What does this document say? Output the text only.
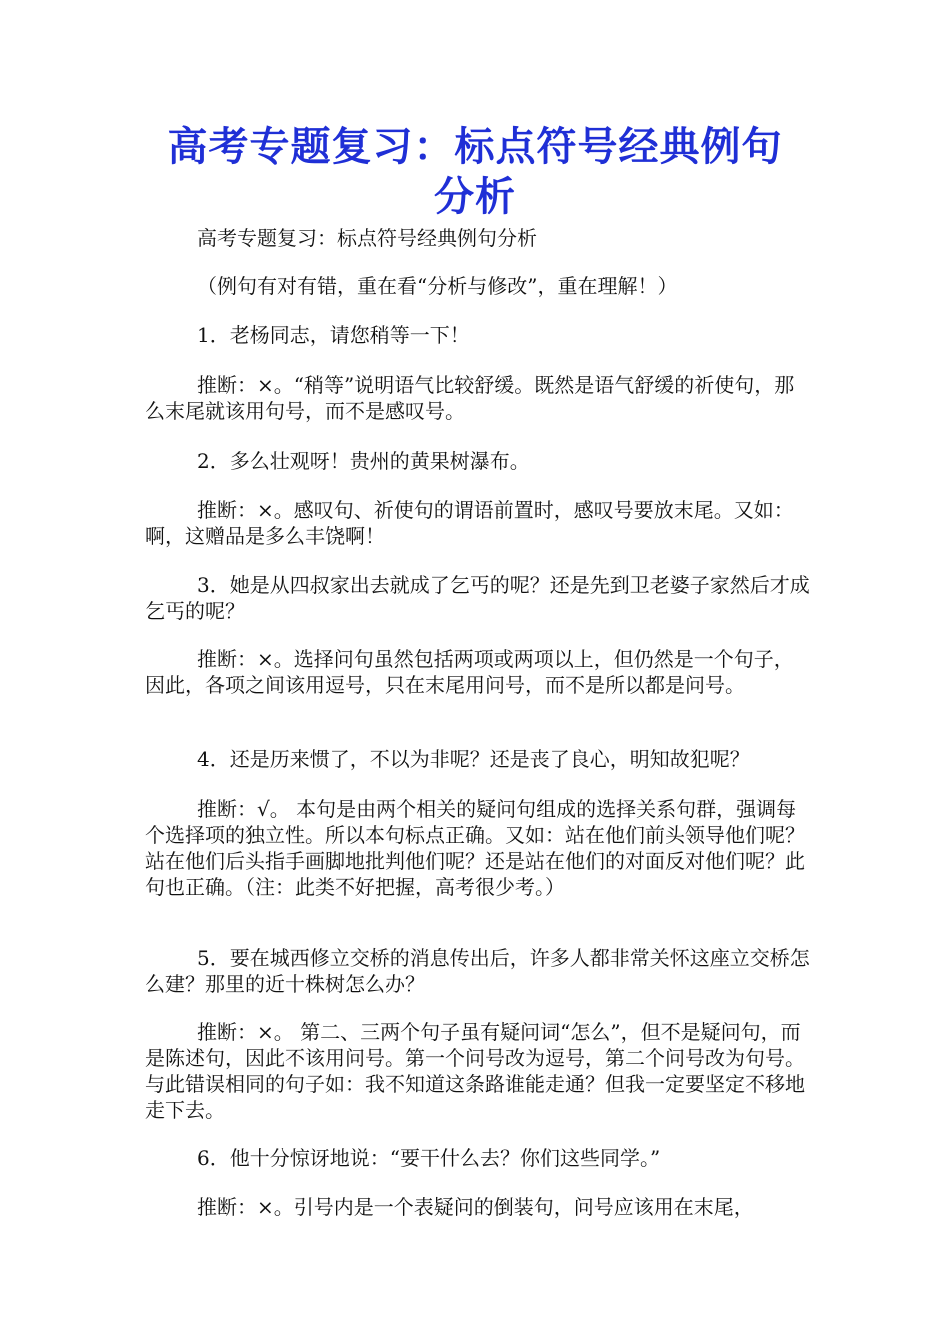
高考专题复习：标点符号经典例句分析
高考专题复习：标点符号经典例句分析
（例句有对有错，重在看“分析与修改”，重在理解！）
1．老杨同志，请您稍等一下！
推断：×。“稍等”说明语气比较舒缓。既然是语气舒缓的祈使句，那么末尾就该用句号，而不是感叹号。
2．多么壮观呀！贵州的黄果树瀑布。
推断：×。感叹句、祈使句的谓语前置时，感叹号要放末尾。又如：啊，这赠品是多么丰饶啊！
3．她是从四叔家出去就成了乞丐的呢？还是先到卫老婆子家然后才成乞丐的呢？
推断：×。选择问句虽然包括两项或两项以上，但仍然是一个句子，因此，各项之间该用逗号，只在末尾用问号，而不是所以都是问号。
4．还是历来惯了，不以为非呢？还是丧了良心，明知故犯呢？
推断：√。 本句是由两个相关的疑问句组成的选择关系句群，强调每个选择项的独立性。所以本句标点正确。又如：站在他们前头领导他们呢？站在他们后头指手画脚地批判他们呢？还是站在他们的对面反对他们呢？此句也正确。（注：此类不好把握，高考很少考。）
5．要在城西修立交桥的消息传出后，许多人都非常关怀这座立交桥怎么建？那里的近十株树怎么办？
推断：×。 第二、三两个句子虽有疑问词“怎么”，但不是疑问句，而是陈述句，因此不该用问号。第一个问号改为逗号，第二个问号改为句号。与此错误相同的句子如：我不知道这条路谁能走通？但我一定要坚定不移地走下去。
6．他十分惊讶地说：“要干什么去？你们这些同学。”
推断：×。引号内是一个表疑问的倒装句，问号应该用在末尾，
